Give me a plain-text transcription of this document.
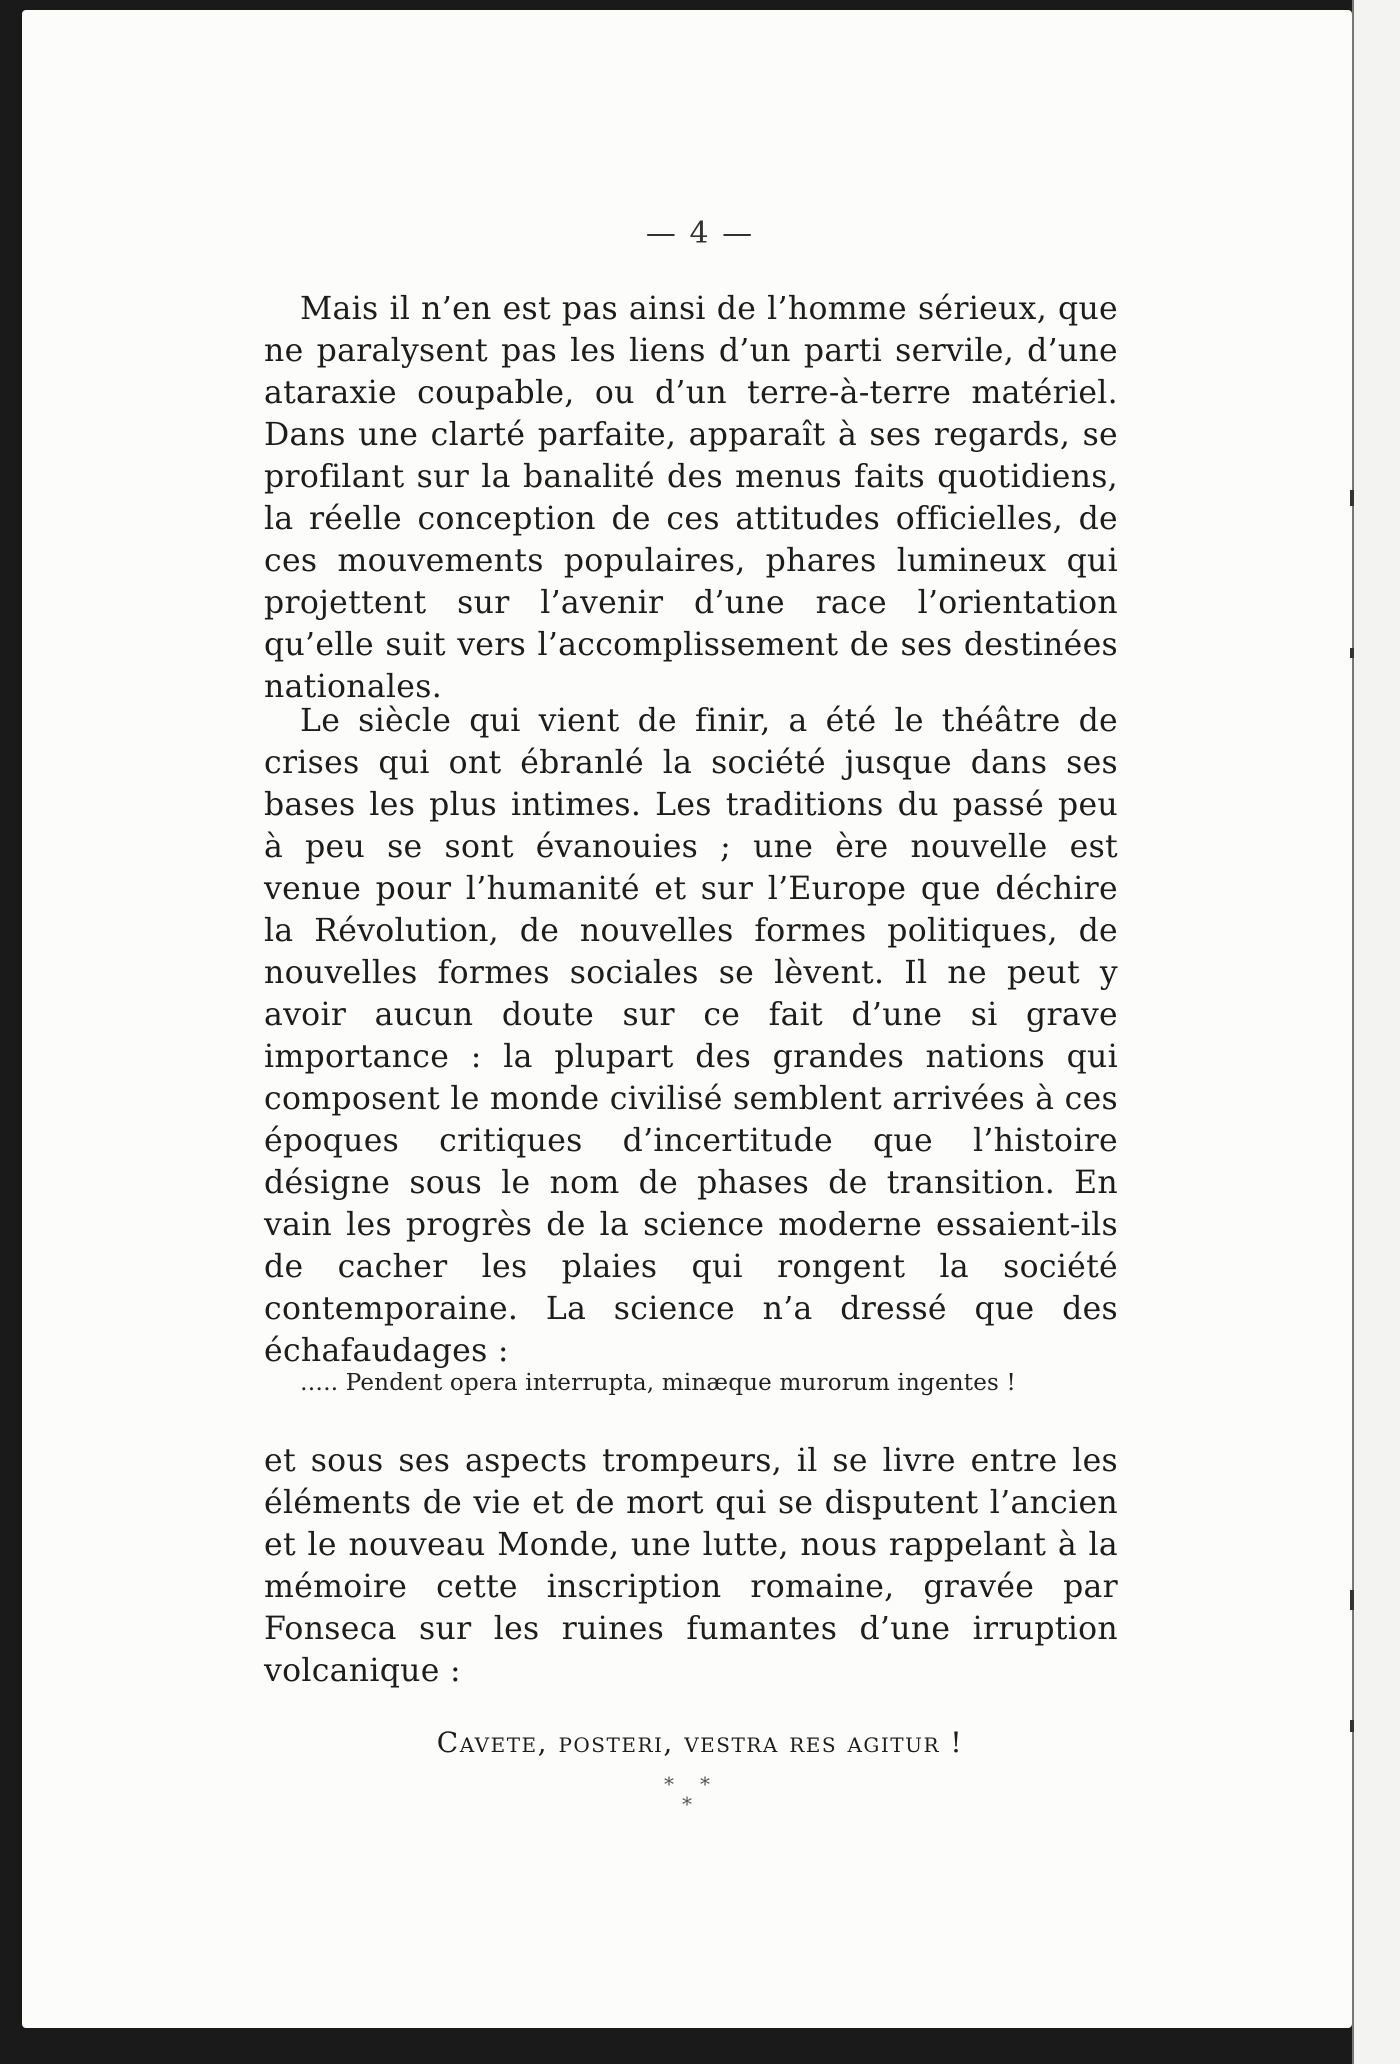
— 4 —

Mais il n’en est pas ainsi de l’homme sérieux, que ne paralysent pas les liens d’un parti servile, d’une ataraxie coupable, ou d’un terre-à-terre matériel. Dans une clarté parfaite, apparaît à ses regards, se profilant sur la banalité des menus faits quotidiens, la réelle conception de ces attitudes officielles, de ces mouvements populaires, phares lumineux qui projettent sur l’avenir d’une race l’orientation qu’elle suit vers l’accomplissement de ses destinées nationales.

Le siècle qui vient de finir, a été le théâtre de crises qui ont ébranlé la société jusque dans ses bases les plus intimes. Les traditions du passé peu à peu se sont évanouies ; une ère nouvelle est venue pour l’humanité et sur l’Europe que déchire la Révolution, de nouvelles formes politiques, de nouvelles formes sociales se lèvent. Il ne peut y avoir aucun doute sur ce fait d’une si grave importance : la plupart des grandes nations qui composent le monde civilisé semblent arrivées à ces époques critiques d’incertitude que l’histoire désigne sous le nom de phases de transition. En vain les progrès de la science moderne essaient-ils de cacher les plaies qui rongent la société contemporaine. La science n’a dressé que des échafaudages :

….. Pendent opera interrupta, minæque murorum ingentes !

et sous ses aspects trompeurs, il se livre entre les éléments de vie et de mort qui se disputent l’ancien et le nouveau Monde, une lutte, nous rappelant à la mémoire cette inscription romaine, gravée par Fonseca sur les ruines fumantes d’une irruption volcanique :

Cavete, posteri, vestra res agitur !
* *
*
